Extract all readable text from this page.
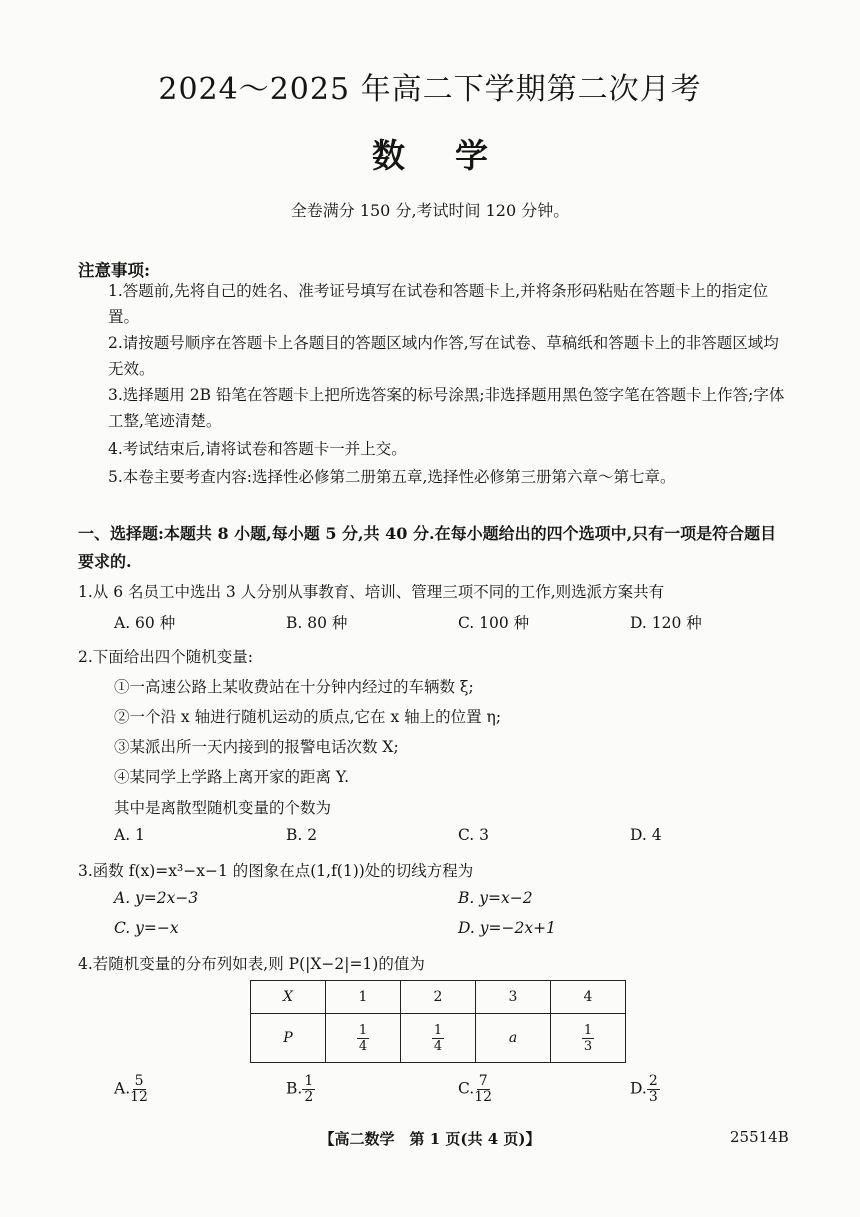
2024～2025 年高二下学期第二次月考
数学
全卷满分 150 分,考试时间 120 分钟。
注意事项:
1.答题前,先将自己的姓名、准考证号填写在试卷和答题卡上,并将条形码粘贴在答题卡上的指定位置。
2.请按题号顺序在答题卡上各题目的答题区域内作答,写在试卷、草稿纸和答题卡上的非答题区域均无效。
3.选择题用 2B 铅笔在答题卡上把所选答案的标号涂黑;非选择题用黑色签字笔在答题卡上作答;字体工整,笔迹清楚。
4.考试结束后,请将试卷和答题卡一并上交。
5.本卷主要考查内容:选择性必修第二册第五章,选择性必修第三册第六章～第七章。
一、选择题:本题共 8 小题,每小题 5 分,共 40 分.在每小题给出的四个选项中,只有一项是符合题目要求的.
1.从 6 名员工中选出 3 人分别从事教育、培训、管理三项不同的工作,则选派方案共有
A. 60 种	B. 80 种	C. 100 种	D. 120 种
2.下面给出四个随机变量:
①一高速公路上某收费站在十分钟内经过的车辆数 ξ;
②一个沿 x 轴进行随机运动的质点,它在 x 轴上的位置 η;
③某派出所一天内接到的报警电话次数 X;
④某同学上学路上离开家的距离 Y.
其中是离散型随机变量的个数为
A. 1	B. 2	C. 3	D. 4
3.函数 f(x)=x³−x−1 的图象在点(1,f(1))处的切线方程为
A. y=2x−3	B. y=x−2
C. y=−x	D. y=−2x+1
4.若随机变量的分布列如表,则 P(|X−2|=1)的值为
X	1	2	3	4
P	$\frac{1}{4}$	$\frac{1}{4}$	a	$\frac{1}{3}$
A. $\frac{5}{12}$	B. $\frac{1}{2}$	C. $\frac{7}{12}$	D. $\frac{2}{3}$
【高二数学　第 1 页(共 4 页)】	25514B
